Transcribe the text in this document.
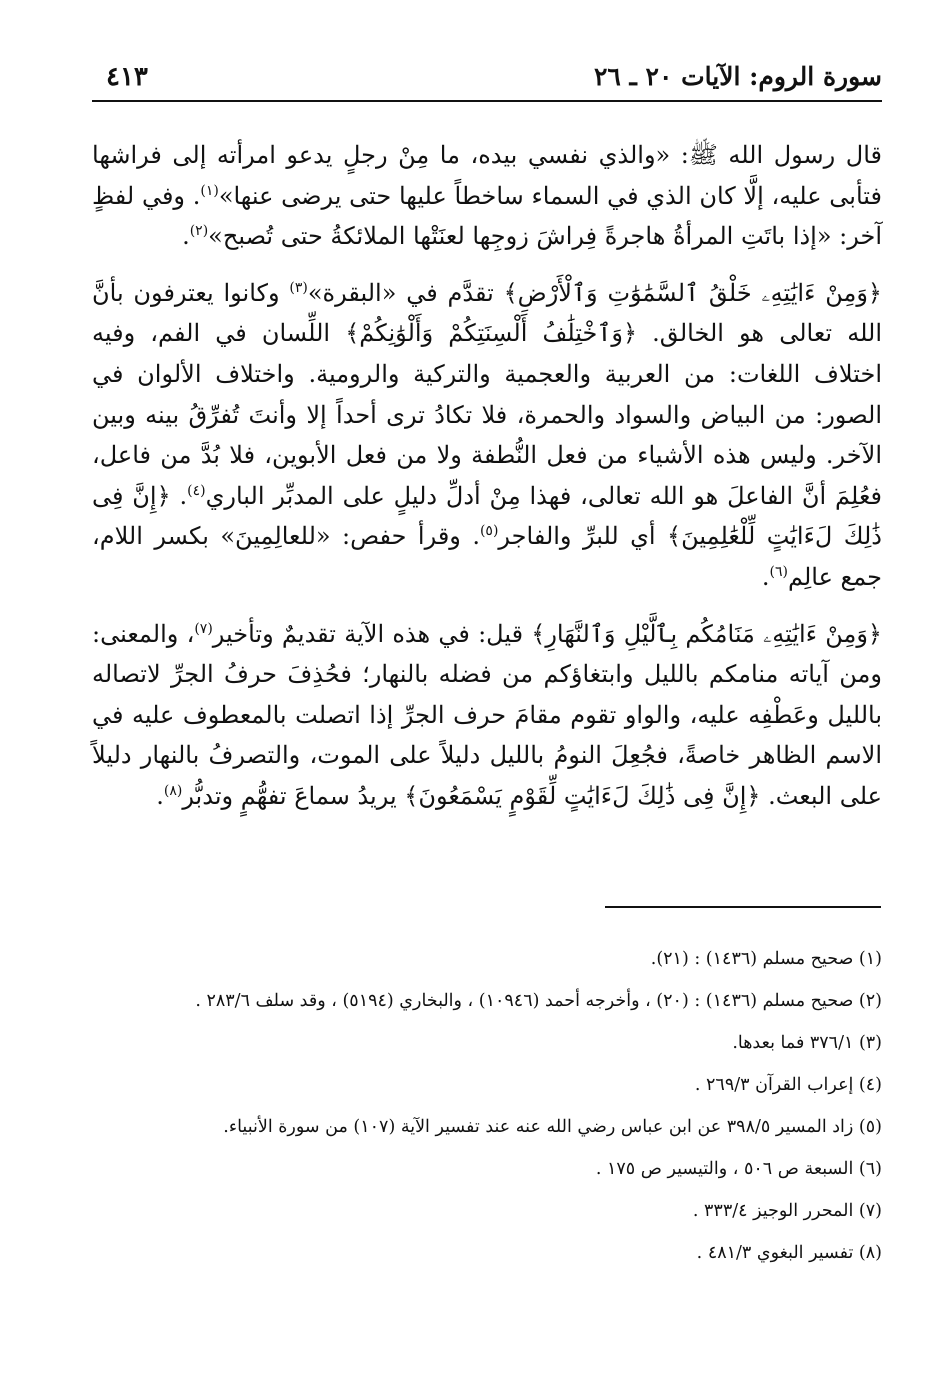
سورة الروم: الآيات ٢٠ ـ ٢٦
٤١٣

قال رسول الله ﷺ: «والذي نفسي بيده، ما مِنْ رجلٍ يدعو امرأته إلى فراشها فتأبى عليه، إلَّا كان الذي في السماء ساخطاً عليها حتى يرضى عنها»$^{(١)}$. وفي لفظٍ آخر: «إذا باتَتِ المرأةُ هاجرةً فِراشَ زوجِها لعنَتْها الملائكةُ حتى تُصبح»$^{(٢)}$.

﴿وَمِنْ ءَايَٰتِهِۦ خَلْقُ ٱلسَّمَٰوَٰتِ وَٱلْأَرْضِ﴾ تقدَّم في «البقرة»$^{(٣)}$ وكانوا يعترفون بأنَّ الله تعالى هو الخالق. ﴿وَٱخْتِلَٰفُ أَلْسِنَتِكُمْ وَأَلْوَٰنِكُمْ﴾ اللِّسان في الفم، وفيه اختلاف اللغات: من العربية والعجمية والتركية والرومية. واختلاف الألوان في الصور: من البياض والسواد والحمرة، فلا تكادُ ترى أحداً إلا وأنتَ تُفرِّقُ بينه وبين الآخر. وليس هذه الأشياء من فعل النُّطفة ولا من فعل الأبوين، فلا بُدَّ من فاعل، فعُلِمَ أنَّ الفاعلَ هو الله تعالى، فهذا مِنْ أدلِّ دليلٍ على المدبِّر الباري$^{(٤)}$. ﴿إِنَّ فِى ذَٰلِكَ لَءَايَٰتٍ لِّلْعَٰلِمِينَ﴾ أي للبرِّ والفاجر$^{(٥)}$. وقرأ حفص: «للعالِمِينَ» بكسر اللام، جمع عالِم$^{(٦)}$.

﴿وَمِنْ ءَايَٰتِهِۦ مَنَامُكُم بِٱلَّيْلِ وَٱلنَّهَارِ﴾ قيل: في هذه الآية تقديمٌ وتأخير$^{(٧)}$، والمعنى: ومن آياته منامكم بالليل وابتغاؤكم من فضله بالنهار؛ فحُذِفَ حرفُ الجرِّ لاتصاله بالليل وعَطْفِه عليه، والواو تقوم مقامَ حرف الجرِّ إذا اتصلت بالمعطوف عليه في الاسم الظاهر خاصةً، فجُعِلَ النومُ بالليل دليلاً على الموت، والتصرفُ بالنهار دليلاً على البعث. ﴿إِنَّ فِى ذَٰلِكَ لَءَايَٰتٍ لِّقَوْمٍ يَسْمَعُونَ﴾ يريدُ سماعَ تفهُّمٍ وتدبُّر$^{(٨)}$.

(١) صحيح مسلم (١٤٣٦) : (٢١).
(٢) صحيح مسلم (١٤٣٦) : (٢٠) ، وأخرجه أحمد (١٠٩٤٦) ، والبخاري (٥١٩٤) ، وقد سلف ٢٨٣/٦ .
(٣) ٣٧٦/١ فما بعدها.
(٤) إعراب القرآن ٢٦٩/٣ .
(٥) زاد المسير ٣٩٨/٥ عن ابن عباس رضي الله عنه عند تفسير الآية (١٠٧) من سورة الأنبياء.
(٦) السبعة ص ٥٠٦ ، والتيسير ص ١٧٥ .
(٧) المحرر الوجيز ٣٣٣/٤ .
(٨) تفسير البغوي ٤٨١/٣ .
